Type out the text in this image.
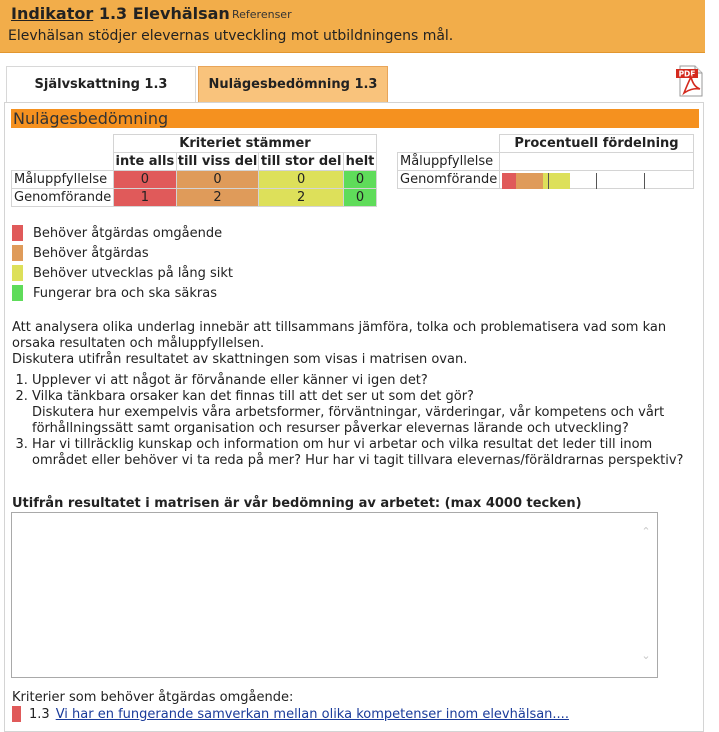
Indikator 1.3 Elevhälsan Referenser
Elevhälsan stödjer elevernas utveckling mot utbildningens mål.
Självskattning 1.3	Nulägesbedömning 1.3
PDF
Nulägesbedömning
	Kriteriet stämmer			
	inte alls	till viss del	till stor del	helt
Måluppfyllelse	0	0	0	0
Genomförande	1	2	2	0
	Procentuell fördelning
Måluppfyllelse	

Genomförande	
Behöver åtgärdas omgående
Behöver åtgärdas
Behöver utvecklas på lång sikt
Fungerar bra och ska säkras
Att analysera olika underlag innebär att tillsammans jämföra, tolka och problematisera vad som kan orsaka resultaten och måluppfyllelsen.
Diskutera utifrån resultatet av skattningen som visas i matrisen ovan.
1. Upplever vi att något är förvånande eller känner vi igen det?
2. Vilka tänkbara orsaker kan det finnas till att det ser ut som det gör?
Diskutera hur exempelvis våra arbetsformer, förväntningar, värderingar, vår kompetens och vårt förhållningssätt samt organisation och resurser påverkar elevernas lärande och utveckling?
3. Har vi tillräcklig kunskap och information om hur vi arbetar och vilka resultat det leder till inom området eller behöver vi ta reda på mer? Hur har vi tagit tillvara elevernas/föräldrarnas perspektiv?
Utifrån resultatet i matrisen är vår bedömning av arbetet: (max 4000 tecken)
⌃
⌄
Kriterier som behöver åtgärdas omgående:
1.3 Vi har en fungerande samverkan mellan olika kompetenser inom elevhälsan....
